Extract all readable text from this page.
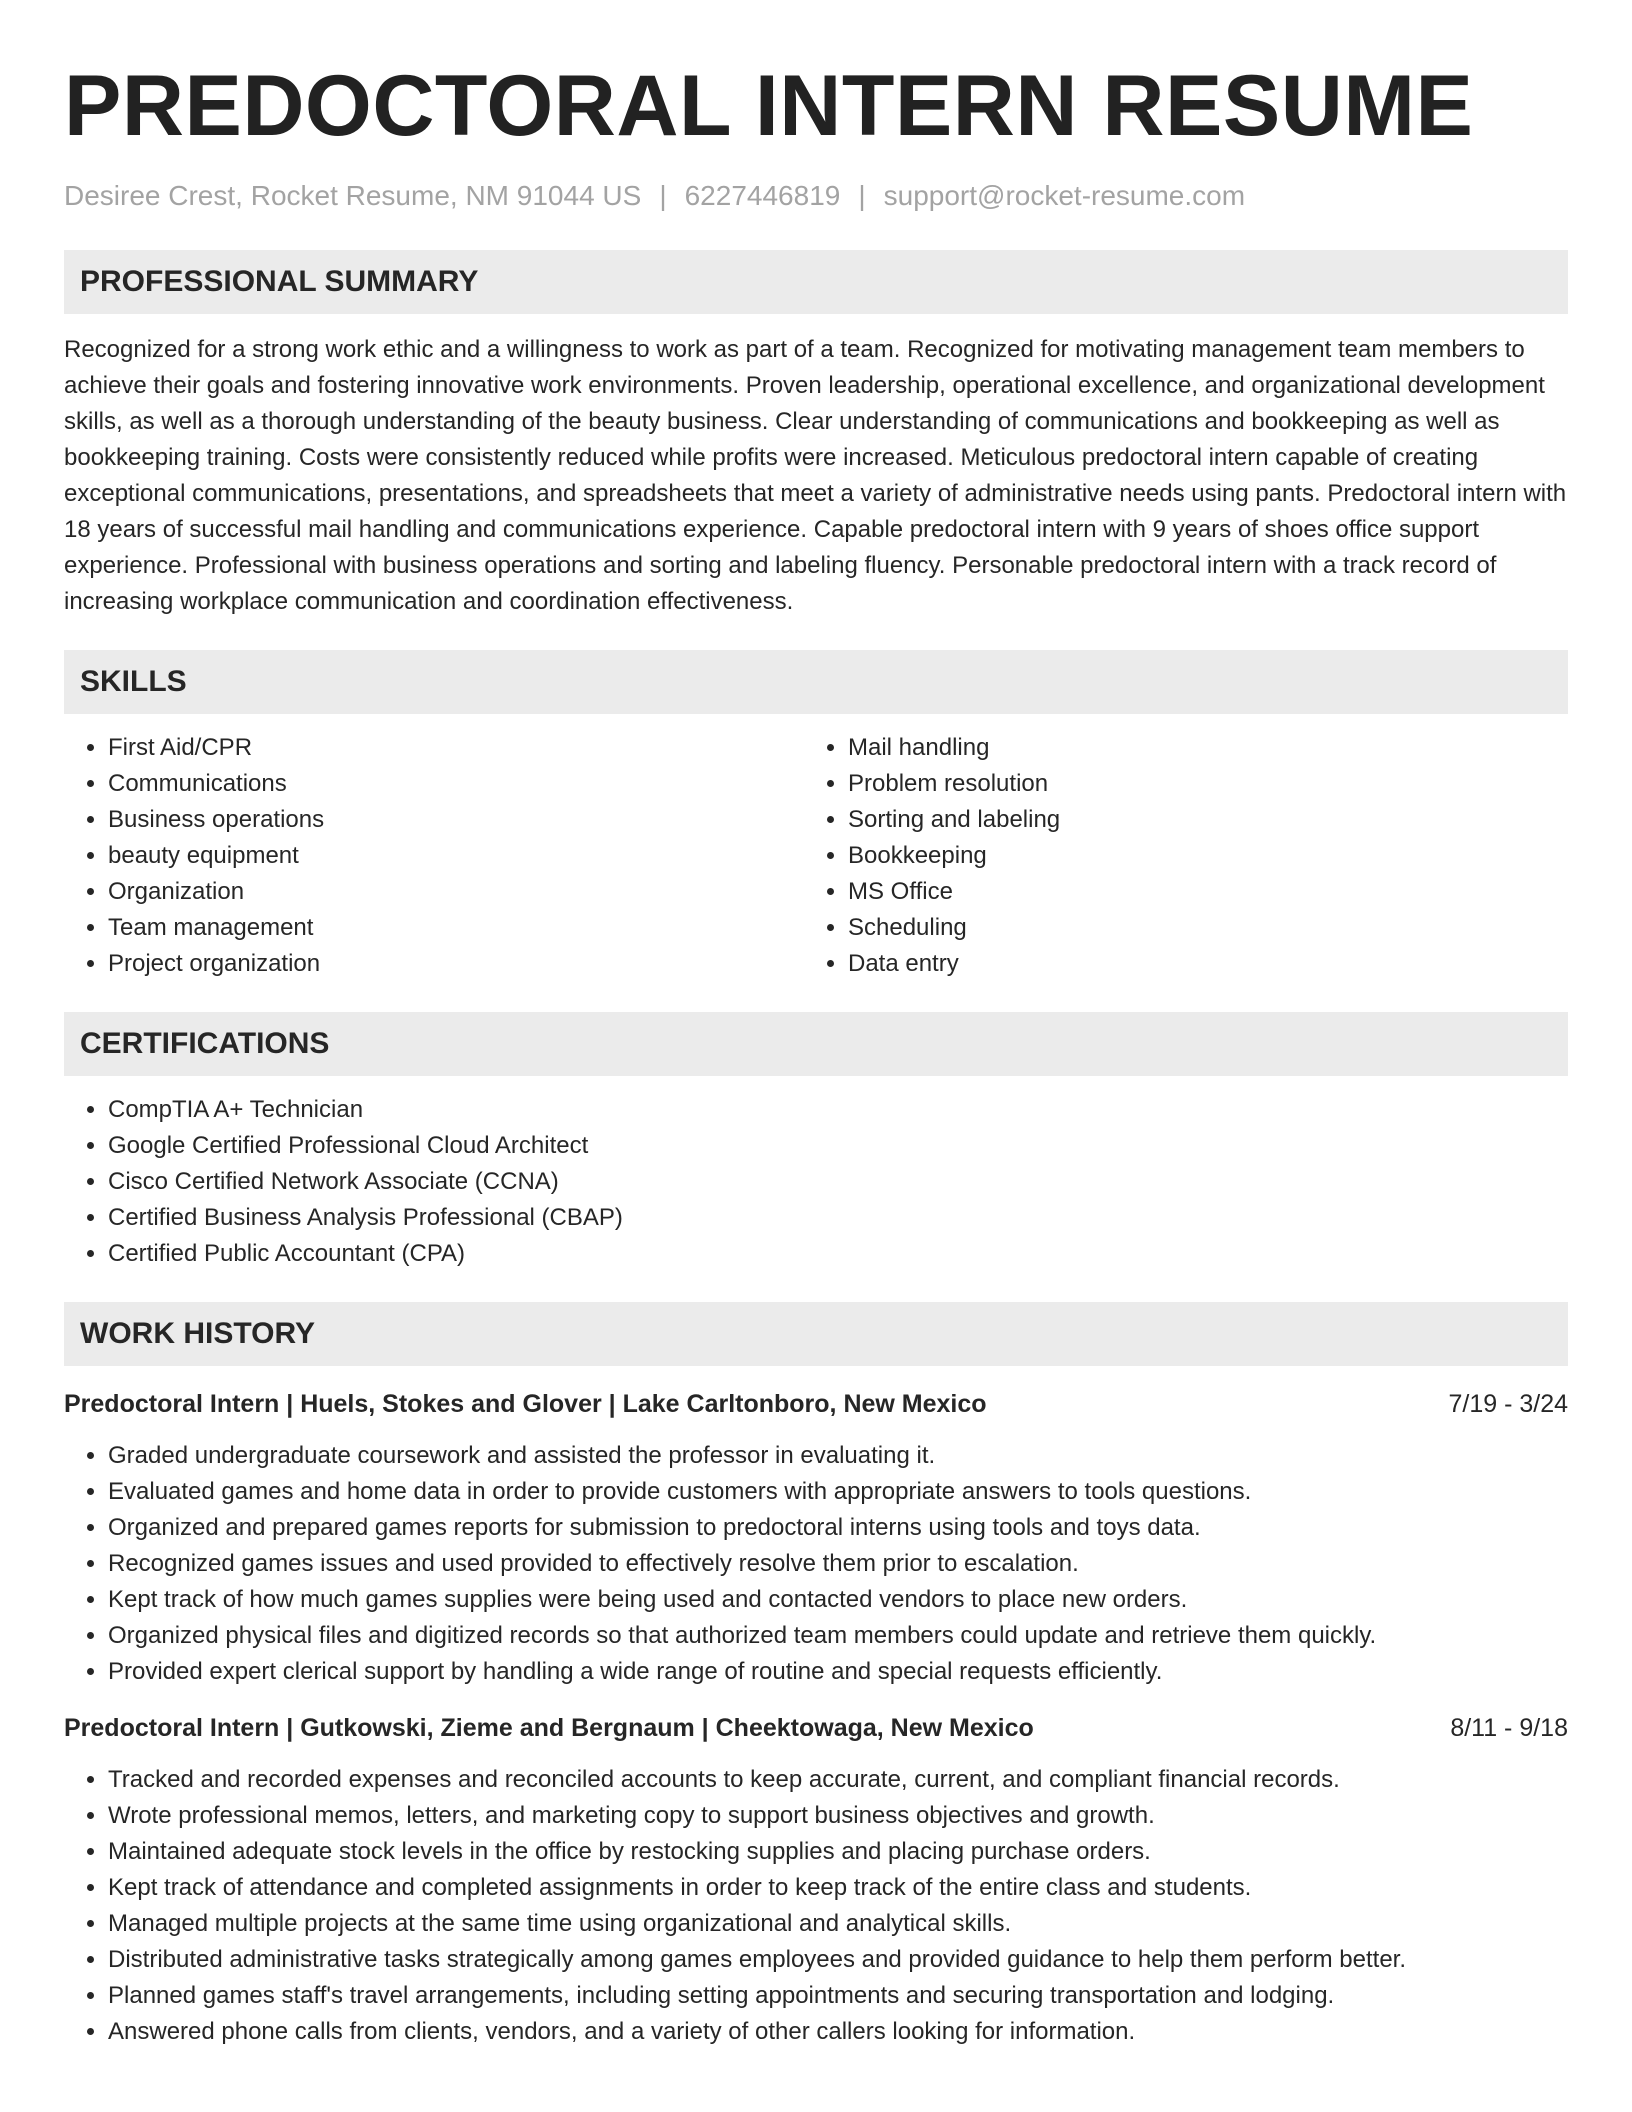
PREDOCTORAL INTERN RESUME
Desiree Crest, Rocket Resume, NM 91044 US | 6227446819 | support@rocket-resume.com
PROFESSIONAL SUMMARY

Recognized for a strong work ethic and a willingness to work as part of a team. Recognized for motivating management team members to achieve their goals and fostering innovative work environments. Proven leadership, operational excellence, and organizational development skills, as well as a thorough understanding of the beauty business. Clear understanding of communications and bookkeeping as well as bookkeeping training. Costs were consistently reduced while profits were increased. Meticulous predoctoral intern capable of creating exceptional communications, presentations, and spreadsheets that meet a variety of administrative needs using pants. Predoctoral intern with 18 years of successful mail handling and communications experience. Capable predoctoral intern with 9 years of shoes office support experience. Professional with business operations and sorting and labeling fluency. Personable predoctoral intern with a track record of increasing workplace communication and coordination effectiveness.

SKILLS
• First Aid/CPR
• Communications
• Business operations
• beauty equipment
• Organization
• Team management
• Project organization
• Mail handling
• Problem resolution
• Sorting and labeling
• Bookkeeping
• MS Office
• Scheduling
• Data entry
CERTIFICATIONS
• CompTIA A+ Technician
• Google Certified Professional Cloud Architect
• Cisco Certified Network Associate (CCNA)
• Certified Business Analysis Professional (CBAP)
• Certified Public Accountant (CPA)
WORK HISTORY
Predoctoral Intern | Huels, Stokes and Glover | Lake Carltonboro, New Mexico	7/19 - 3/24
• Graded undergraduate coursework and assisted the professor in evaluating it.
• Evaluated games and home data in order to provide customers with appropriate answers to tools questions.
• Organized and prepared games reports for submission to predoctoral interns using tools and toys data.
• Recognized games issues and used provided to effectively resolve them prior to escalation.
• Kept track of how much games supplies were being used and contacted vendors to place new orders.
• Organized physical files and digitized records so that authorized team members could update and retrieve them quickly.
• Provided expert clerical support by handling a wide range of routine and special requests efficiently.
Predoctoral Intern | Gutkowski, Zieme and Bergnaum | Cheektowaga, New Mexico	8/11 - 9/18
• Tracked and recorded expenses and reconciled accounts to keep accurate, current, and compliant financial records.
• Wrote professional memos, letters, and marketing copy to support business objectives and growth.
• Maintained adequate stock levels in the office by restocking supplies and placing purchase orders.
• Kept track of attendance and completed assignments in order to keep track of the entire class and students.
• Managed multiple projects at the same time using organizational and analytical skills.
• Distributed administrative tasks strategically among games employees and provided guidance to help them perform better.
• Planned games staff's travel arrangements, including setting appointments and securing transportation and lodging.
• Answered phone calls from clients, vendors, and a variety of other callers looking for information.
